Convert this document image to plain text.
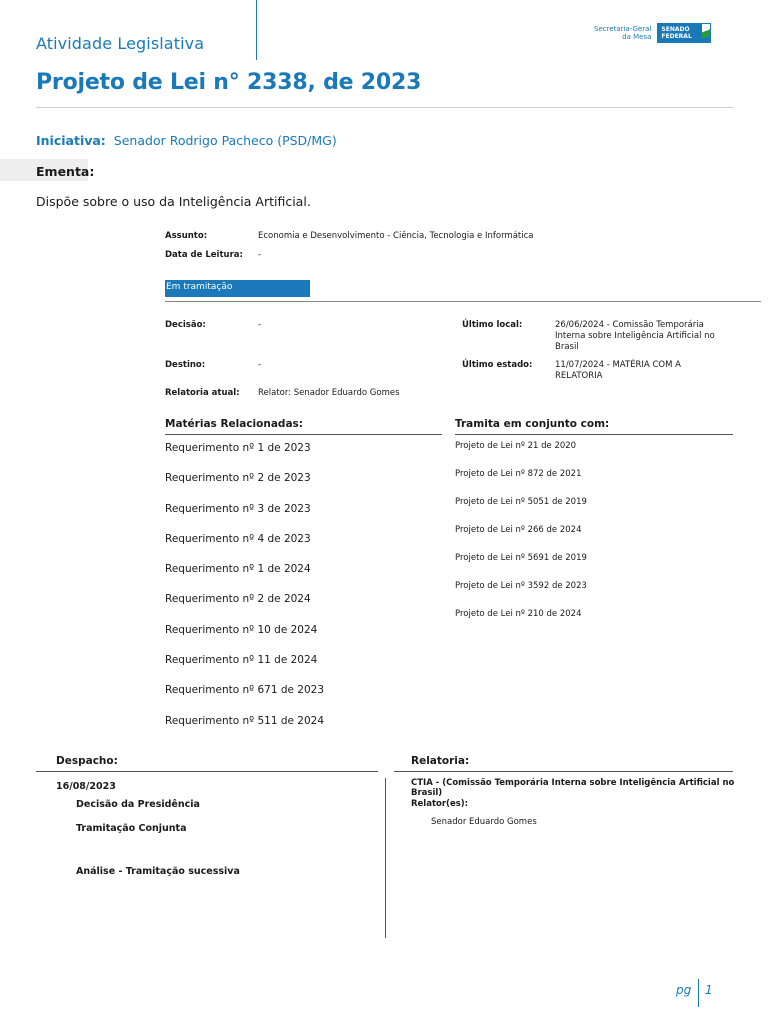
Atividade Legislativa
Secretaria-Geral
da Mesa
SENADO
FEDERAL
Projeto de Lei n° 2338, de 2023
Iniciativa: Senador Rodrigo Pacheco (PSD/MG)
Ementa:
Dispõe sobre o uso da Inteligência Artificial.
Assunto:	Economia e Desenvolvimento - Ciência, Tecnologia e Informática
Data de Leitura: -
Em tramitação
Decisão:	-
Destino:	-
Relatoria atual: Relator: Senador Eduardo Gomes
Último local:	26/06/2024 - Comissão Temporária
Interna sobre Inteligência Artificial no
Brasil
Último estado:	11/07/2024 - MATÉRIA COM A
RELATORIA
Matérias Relacionadas:
Requerimento nº 1 de 2023
Requerimento nº 2 de 2023
Requerimento nº 3 de 2023
Requerimento nº 4 de 2023
Requerimento nº 1 de 2024
Requerimento nº 2 de 2024
Requerimento nº 10 de 2024
Requerimento nº 11 de 2024
Requerimento nº 671 de 2023
Requerimento nº 511 de 2024
Tramita em conjunto com:
Projeto de Lei nº 21 de 2020
Projeto de Lei nº 872 de 2021
Projeto de Lei nº 5051 de 2019
Projeto de Lei nº 266 de 2024
Projeto de Lei nº 5691 de 2019
Projeto de Lei nº 3592 de 2023
Projeto de Lei nº 210 de 2024
Despacho:
16/08/2023
Decisão da Presidência
Tramitação Conjunta
Análise - Tramitação sucessiva
Relatoria:
CTIA - (Comissão Temporária Interna sobre Inteligência Artificial no Brasil)
Relator(es):
Senador Eduardo Gomes
pg 1
